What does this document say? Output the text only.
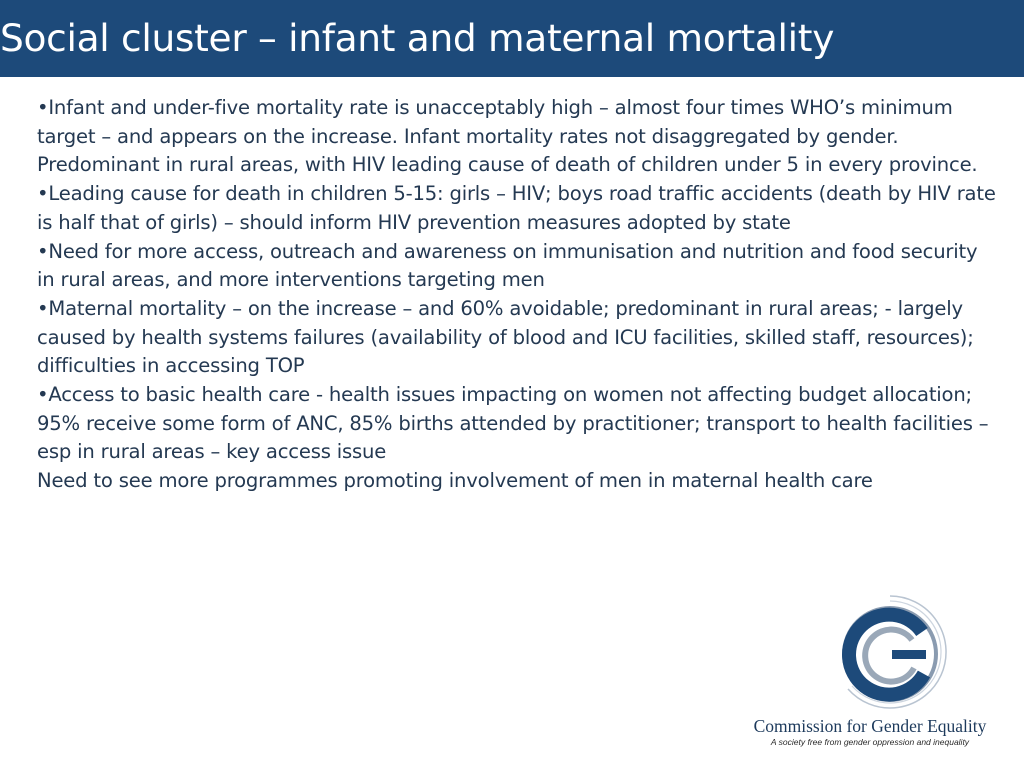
Social cluster – infant and maternal mortality

•Infant and under-five mortality rate is unacceptably high – almost four times WHO’s minimum target – and appears on the increase. Infant mortality rates not disaggregated by gender. Predominant in rural areas, with HIV leading cause of death of children under 5 in every province.

•Leading cause for death in children 5-15: girls – HIV; boys road traffic accidents (death by HIV rate is half that of girls) – should inform HIV prevention measures adopted by state

•Need for more access, outreach and awareness on immunisation and nutrition and food security in rural areas, and more interventions targeting men

•Maternal mortality – on the increase – and 60% avoidable; predominant in rural areas; - largely caused by health systems failures (availability of blood and ICU facilities, skilled staff, resources); difficulties in accessing TOP

•Access to basic health care - health issues impacting on women not affecting budget allocation; 95% receive some form of ANC, 85% births attended by practitioner; transport to health facilities – esp in rural areas – key access issue

Need to see more programmes promoting involvement of men in maternal health care

Commission for Gender Equality
A society free from gender oppression and inequality
